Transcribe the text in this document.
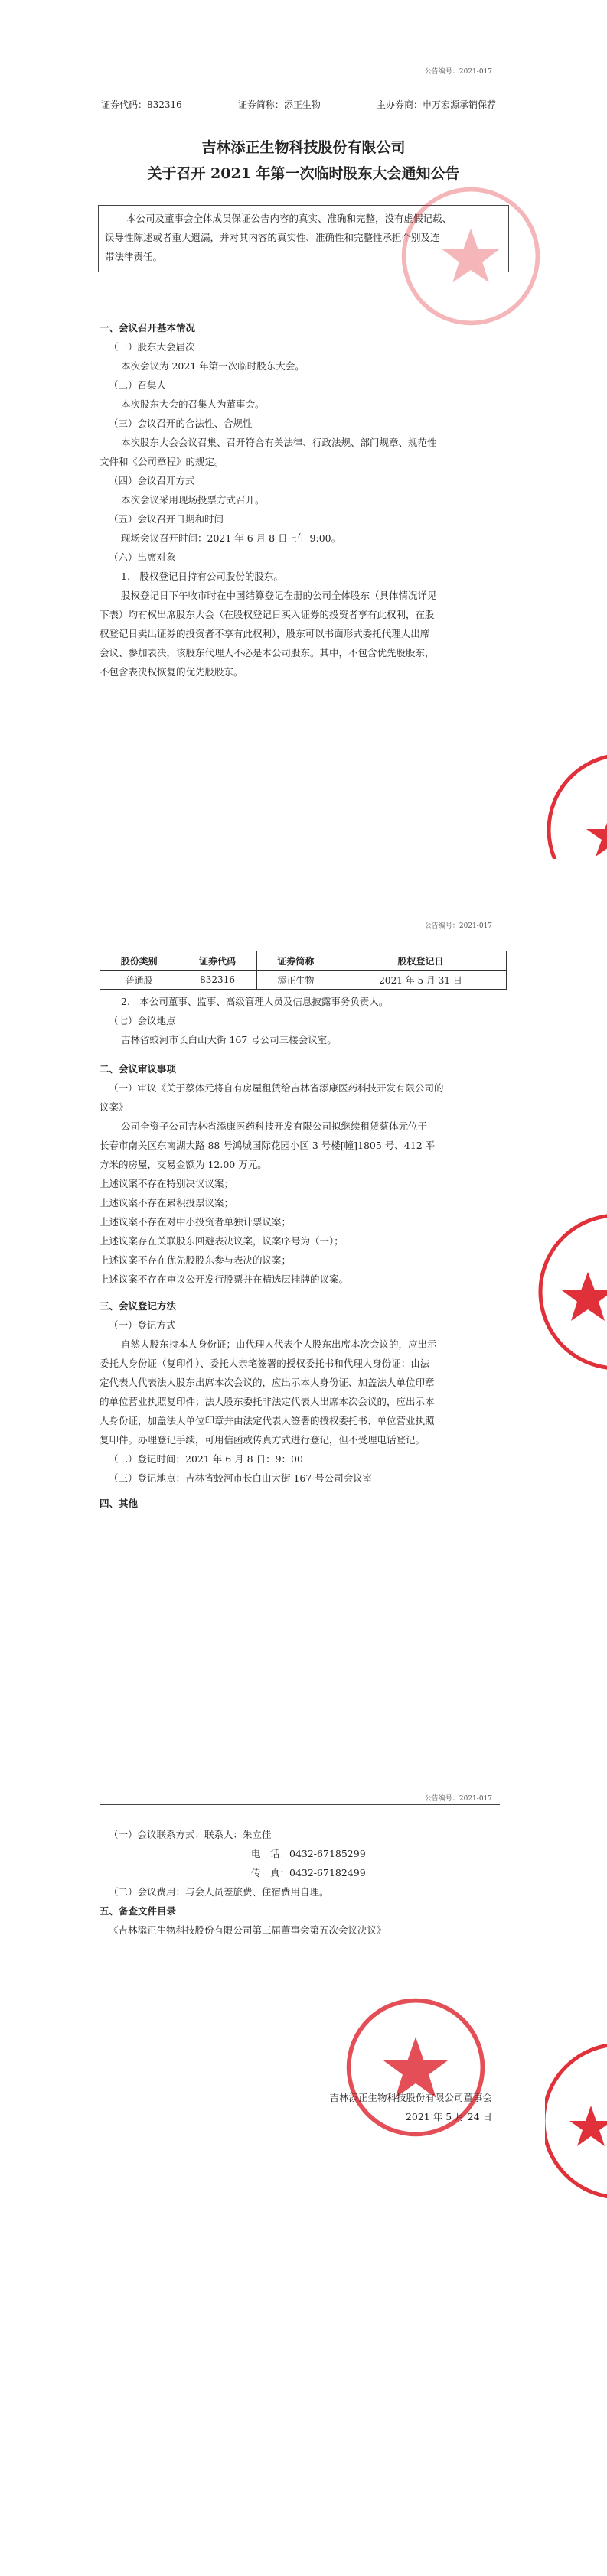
公告编号：2021-017
证券代码：832316	证券简称：添正生物	主办券商：申万宏源承销保荐
吉林添正生物科技股份有限公司
关于召开 2021 年第一次临时股东大会通知公告

本公司及董事会全体成员保证公告内容的真实、准确和完整，没有虚假记载、

误导性陈述或者重大遗漏，并对其内容的真实性、准确性和完整性承担个别及连

带法律责任。

一、会议召开基本情况

（一）股东大会届次

本次会议为 2021 年第一次临时股东大会。

（二）召集人

本次股东大会的召集人为董事会。

（三）会议召开的合法性、合规性

本次股东大会会议召集、召开符合有关法律、行政法规、部门规章、规范性

文件和《公司章程》的规定。

（四）会议召开方式

本次会议采用现场投票方式召开。

（五）会议召开日期和时间

现场会议召开时间：2021 年 6 月 8 日上午 9:00。

（六）出席对象

1.　股权登记日持有公司股份的股东。

股权登记日下午收市时在中国结算登记在册的公司全体股东（具体情况详见

下表）均有权出席股东大会（在股权登记日买入证券的投资者享有此权利，在股

权登记日卖出证券的投资者不享有此权利），股东可以书面形式委托代理人出席

会议、参加表决，该股东代理人不必是本公司股东。其中，不包含优先股股东，

不包含表决权恢复的优先股股东。

公告编号：2021-017
股份类别	证券代码	证券简称	股权登记日
普通股	832316	添正生物	2021 年 5 月 31 日

2.　本公司董事、监事、高级管理人员及信息披露事务负责人。

（七）会议地点

吉林省蛟河市长白山大街 167 号公司三楼会议室。

二、会议审议事项

（一）审议《关于蔡体元将自有房屋租赁给吉林省添康医药科技开发有限公司的

议案》

公司全资子公司吉林省添康医药科技开发有限公司拟继续租赁蔡体元位于

长春市南关区东南湖大路 88 号鸿城国际花园小区 3 号楼[幢]1805 号、412 平

方米的房屋，交易金额为 12.00 万元。

上述议案不存在特别决议议案；

上述议案不存在累积投票议案；

上述议案不存在对中小投资者单独计票议案；

上述议案存在关联股东回避表决议案，议案序号为（一）；

上述议案不存在优先股股东参与表决的议案；

上述议案不存在审议公开发行股票并在精选层挂牌的议案。

三、会议登记方法

（一）登记方式

自然人股东持本人身份证；由代理人代表个人股东出席本次会议的，应出示

委托人身份证（复印件）、委托人亲笔签署的授权委托书和代理人身份证；由法

定代表人代表法人股东出席本次会议的，应出示本人身份证、加盖法人单位印章

的单位营业执照复印件；法人股东委托非法定代表人出席本次会议的，应出示本

人身份证，加盖法人单位印章并由法定代表人签署的授权委托书、单位营业执照

复印件。办理登记手续，可用信函或传真方式进行登记，但不受理电话登记。

（二）登记时间：2021 年 6 月 8 日：9：00

（三）登记地点：吉林省蛟河市长白山大街 167 号公司会议室

四、其他

公告编号：2021-017

（一）会议联系方式：联系人：朱立佳

电　话：0432-67185299

传　真：0432-67182499

（二）会议费用：与会人员差旅费、住宿费用自理。

五、备查文件目录

《吉林添正生物科技股份有限公司第三届董事会第五次会议决议》

吉林添正生物科技股份有限公司董事会

2021 年 5 月 24 日
